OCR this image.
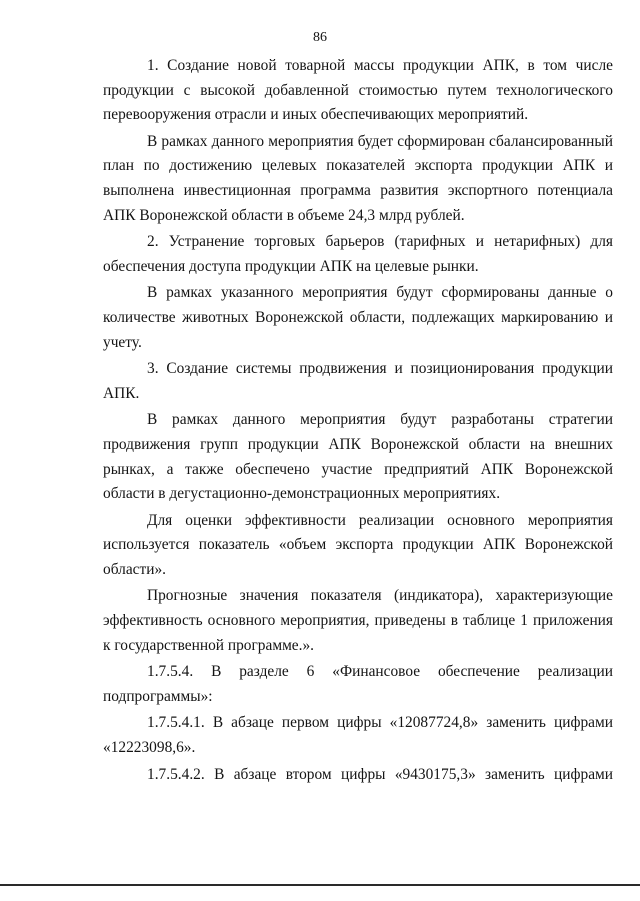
86

1. Создание новой товарной массы продукции АПК, в том числе продукции с высокой добавленной стоимостью путем технологического перевооружения отрасли и иных обеспечивающих мероприятий.

В рамках данного мероприятия будет сформирован сбалансированный план по достижению целевых показателей экспорта продукции АПК и выполнена инвестиционная программа развития экспортного потенциала АПК Воронежской области в объеме 24,3 млрд рублей.

2. Устранение торговых барьеров (тарифных и нетарифных) для обеспечения доступа продукции АПК на целевые рынки.

В рамках указанного мероприятия будут сформированы данные о количестве животных Воронежской области, подлежащих маркированию и учету.

3. Создание системы продвижения и позиционирования продукции АПК.

В рамках данного мероприятия будут разработаны стратегии продвижения групп продукции АПК Воронежской области на внешних рынках, а также обеспечено участие предприятий АПК Воронежской области в дегустационно-демонстрационных мероприятиях.

Для оценки эффективности реализации основного мероприятия используется показатель «объем экспорта продукции АПК Воронежской области».

Прогнозные значения показателя (индикатора), характеризующие эффективность основного мероприятия, приведены в таблице 1 приложения к государственной программе.».

1.7.5.4. В разделе 6 «Финансовое обеспечение реализации подпрограммы»:

1.7.5.4.1. В абзаце первом цифры «12087724,8» заменить цифрами «12223098,6».

1.7.5.4.2. В абзаце втором цифры «9430175,3» заменить цифрами
